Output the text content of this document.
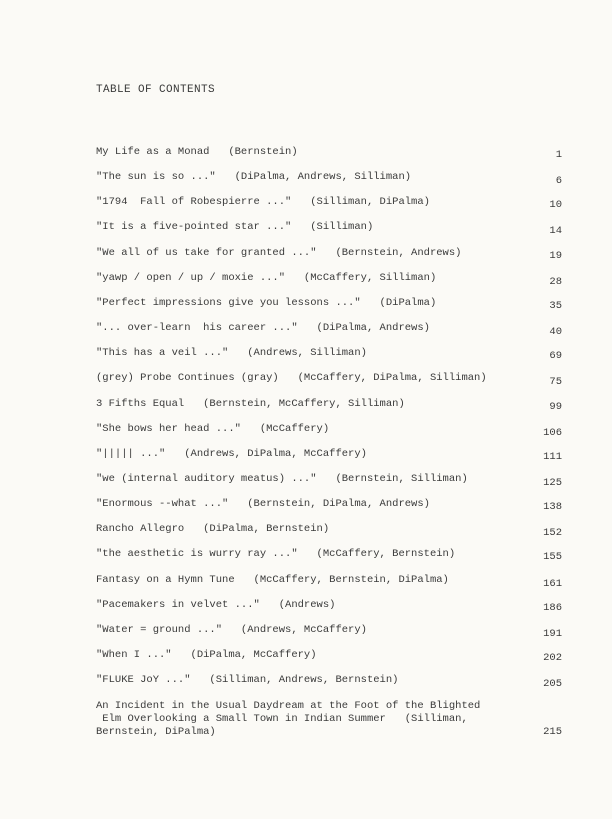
TABLE OF CONTENTS
My Life as a Monad   (Bernstein)	1
"The sun is so ..."   (DiPalma, Andrews, Silliman)	6
"1794  Fall of Robespierre ..."   (Silliman, DiPalma)	10
"It is a five-pointed star ..."   (Silliman)	14
"We all of us take for granted ..."   (Bernstein, Andrews)	19
"yawp / open / up / moxie ..."   (McCaffery, Silliman)	28
"Perfect impressions give you lessons ..."   (DiPalma)	35
"... over-learn  his career ..."   (DiPalma, Andrews)	40
"This has a veil ..."   (Andrews, Silliman)	69
(grey) Probe Continues (gray)   (McCaffery, DiPalma, Silliman)	75
3 Fifths Equal   (Bernstein, McCaffery, Silliman)	99
"She bows her head ..."   (McCaffery)	106
"||||| ..."   (Andrews, DiPalma, McCaffery)	111
"we (internal auditory meatus) ..."   (Bernstein, Silliman)	125
"Enormous --what ..."   (Bernstein, DiPalma, Andrews)	138
Rancho Allegro   (DiPalma, Bernstein)	152
"the aesthetic is wurry ray ..."   (McCaffery, Bernstein)	155
Fantasy on a Hymn Tune   (McCaffery, Bernstein, DiPalma)	161
"Pacemakers in velvet ..."   (Andrews)	186
"Water = ground ..."   (Andrews, McCaffery)	191
"When I ..."   (DiPalma, McCaffery)	202
"FLUKE JoY ..."   (Silliman, Andrews, Bernstein)	205
An Incident in the Usual Daydream at the Foot of the Blighted
Elm Overlooking a Small Town in Indian Summer   (Silliman,
Bernstein, DiPalma)	215
